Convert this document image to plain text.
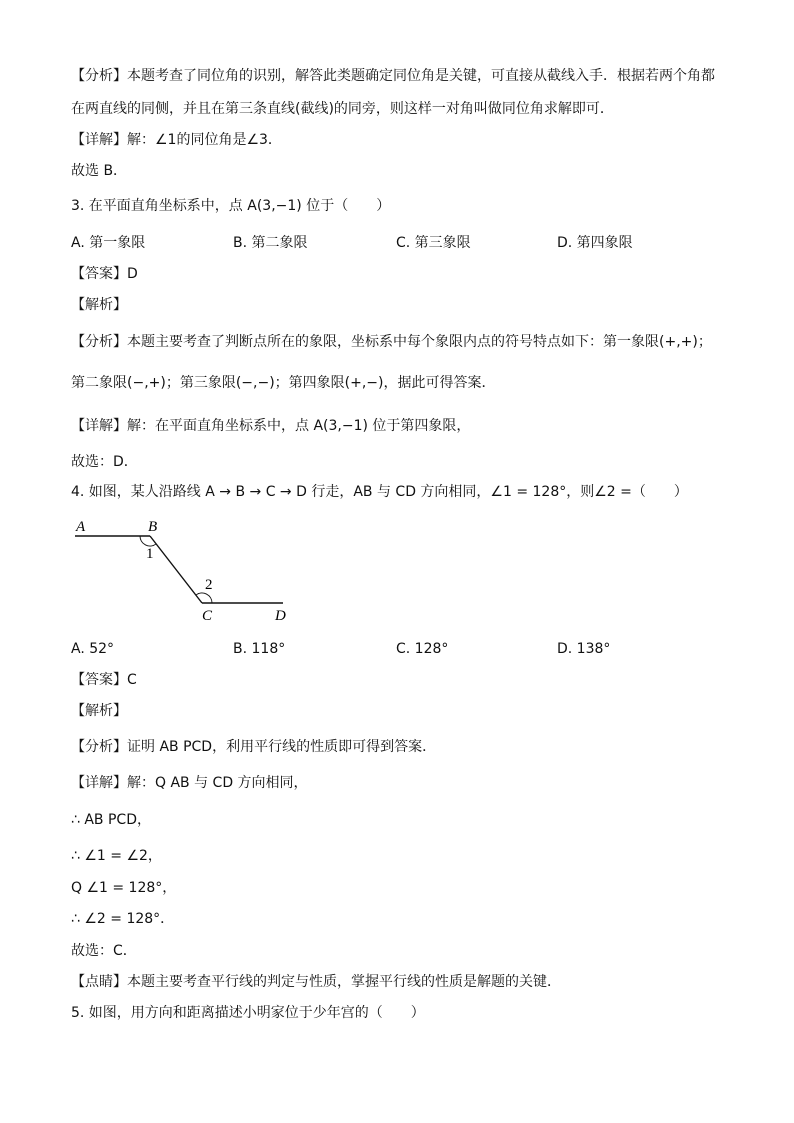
【分析】本题考查了同位角的识别，解答此类题确定同位角是关键，可直接从截线入手．根据若两个角都
在两直线的同侧，并且在第三条直线(截线)的同旁，则这样一对角叫做同位角求解即可．
【详解】解：∠1的同位角是∠3．
故选 B．
3. 在平面直角坐标系中，点 A(3,−1) 位于（　　）
A. 第一象限	B. 第二象限	C. 第三象限	D. 第四象限
【答案】D
【解析】
【分析】本题主要考查了判断点所在的象限，坐标系中每个象限内点的符号特点如下：第一象限(+,+)；
第二象限(−,+)；第三象限(−,−)；第四象限(+,−)，据此可得答案．
【详解】解：在平面直角坐标系中，点 A(3,−1) 位于第四象限，
故选：D．
4. 如图，某人沿路线 A → B → C → D 行走，AB 与 CD 方向相同，∠1 = 128°，则∠2 =（　　）
A	B
C	D
1
2
A. 52°	B. 118°	C. 128°	D. 138°
【答案】C
【解析】
【分析】证明 AB PCD，利用平行线的性质即可得到答案．
【详解】解：Q AB 与 CD 方向相同，
∴ AB PCD，
∴ ∠1 = ∠2，
Q ∠1 = 128°，
∴ ∠2 = 128°．
故选：C．
【点睛】本题主要考查平行线的判定与性质，掌握平行线的性质是解题的关键．
5. 如图，用方向和距离描述小明家位于少年宫的（　　）
